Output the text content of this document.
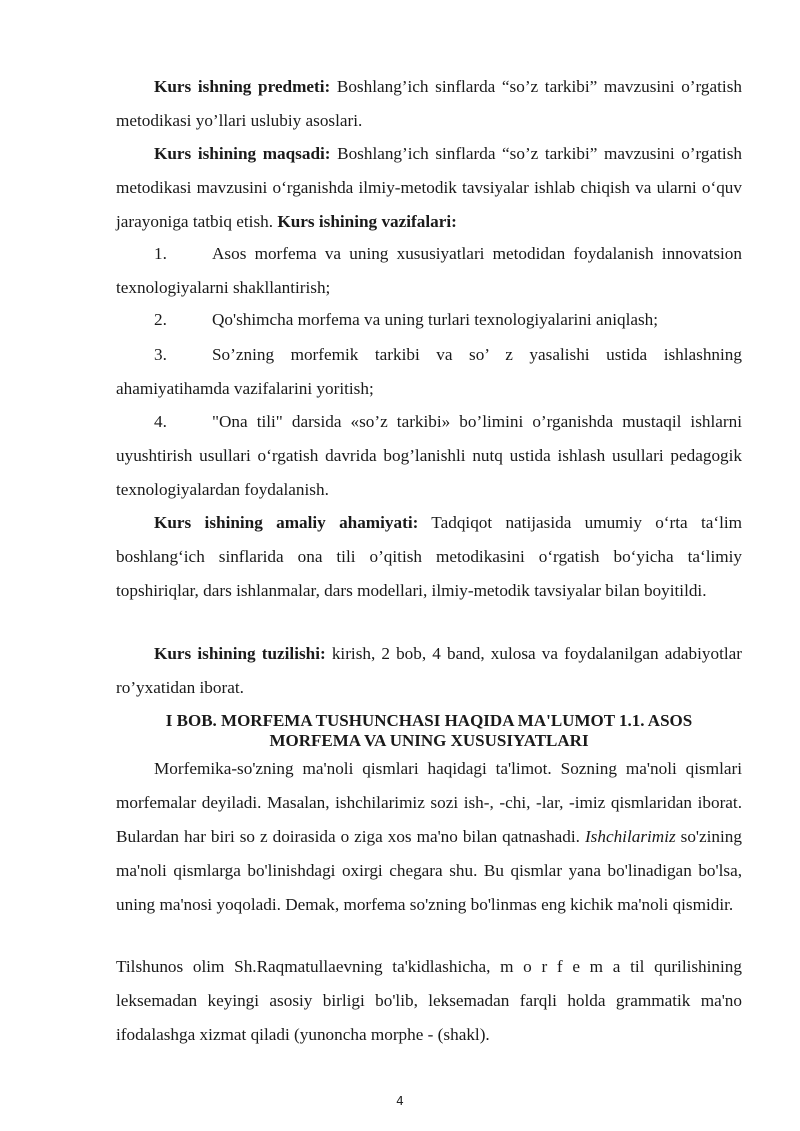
Kurs ishning predmeti: Boshlang’ich sinflarda “so’z tarkibi” mavzusini o’rgatish metodikasi yo’llari uslubiy asoslari.
Kurs ishining maqsadi: Boshlang’ich sinflarda “so’z tarkibi” mavzusini o’rgatish metodikasi mavzusini o‘rganishda ilmiy-metodik tavsiyalar ishlab chiqish va ularni o‘quv jarayoniga tatbiq etish. Kurs ishining vazifalari:
1.	Asos morfema va uning xususiyatlari metodidan foydalanish innovatsion texnologiyalarni shakllantirish;
2.	Qo'shimcha morfema va uning turlari texnologiyalarini aniqlash;
3.	So’zning morfemik tarkibi va so’ z yasalishi ustida ishlashning ahamiyatihamda vazifalarini yoritish;
4.	"Ona tili" darsida «so’z tarkibi» bo’limini o’rganishda mustaqil ishlarni uyushtirish usullari o‘rgatish davrida bog’lanishli nutq ustida ishlash usullari pedagogik texnologiyalardan foydalanish.
Kurs ishining amaliy ahamiyati: Tadqiqot natijasida umumiy o‘rta ta‘lim boshlang‘ich sinflarida ona tili o’qitish metodikasini o‘rgatish bo‘yicha ta‘limiy topshiriqlar, dars ishlanmalar, dars modellari, ilmiy-metodik tavsiyalar bilan boyitildi.
Kurs ishining tuzilishi: kirish, 2 bob, 4 band, xulosa va foydalanilgan adabiyotlar ro’yxatidan iborat.
I BOB. MORFEMA TUSHUNCHASI HAQIDA MA'LUMOT 1.1. ASOS
MORFEMA VA UNING XUSUSIYATLARI
Morfemika-so'zning ma'noli qismlari haqidagi ta'limot. Sozning ma'noli qismlari morfemalar deyiladi. Masalan, ishchilarimiz sozi ish-, -chi, -lar, -imiz qismlaridan iborat. Bulardan har biri so z doirasida o ziga xos ma'no bilan qatnashadi. Ishchilarimiz so'zining ma'noli qismlarga bo'linishdagi oxirgi chegara shu. Bu qismlar yana bo'linadigan bo'lsa, uning ma'nosi yoqoladi. Demak, morfema so'zning bo'linmas eng kichik ma'noli qismidir.
Tilshunos olim Sh.Raqmatullaevning ta'kidlashicha, m o r f e m a til qurilishining leksemadan keyingi asosiy birligi bo'lib, leksemadan farqli holda grammatik ma'no ifodalashga xizmat qiladi (yunoncha morphe - (shakl).
4
